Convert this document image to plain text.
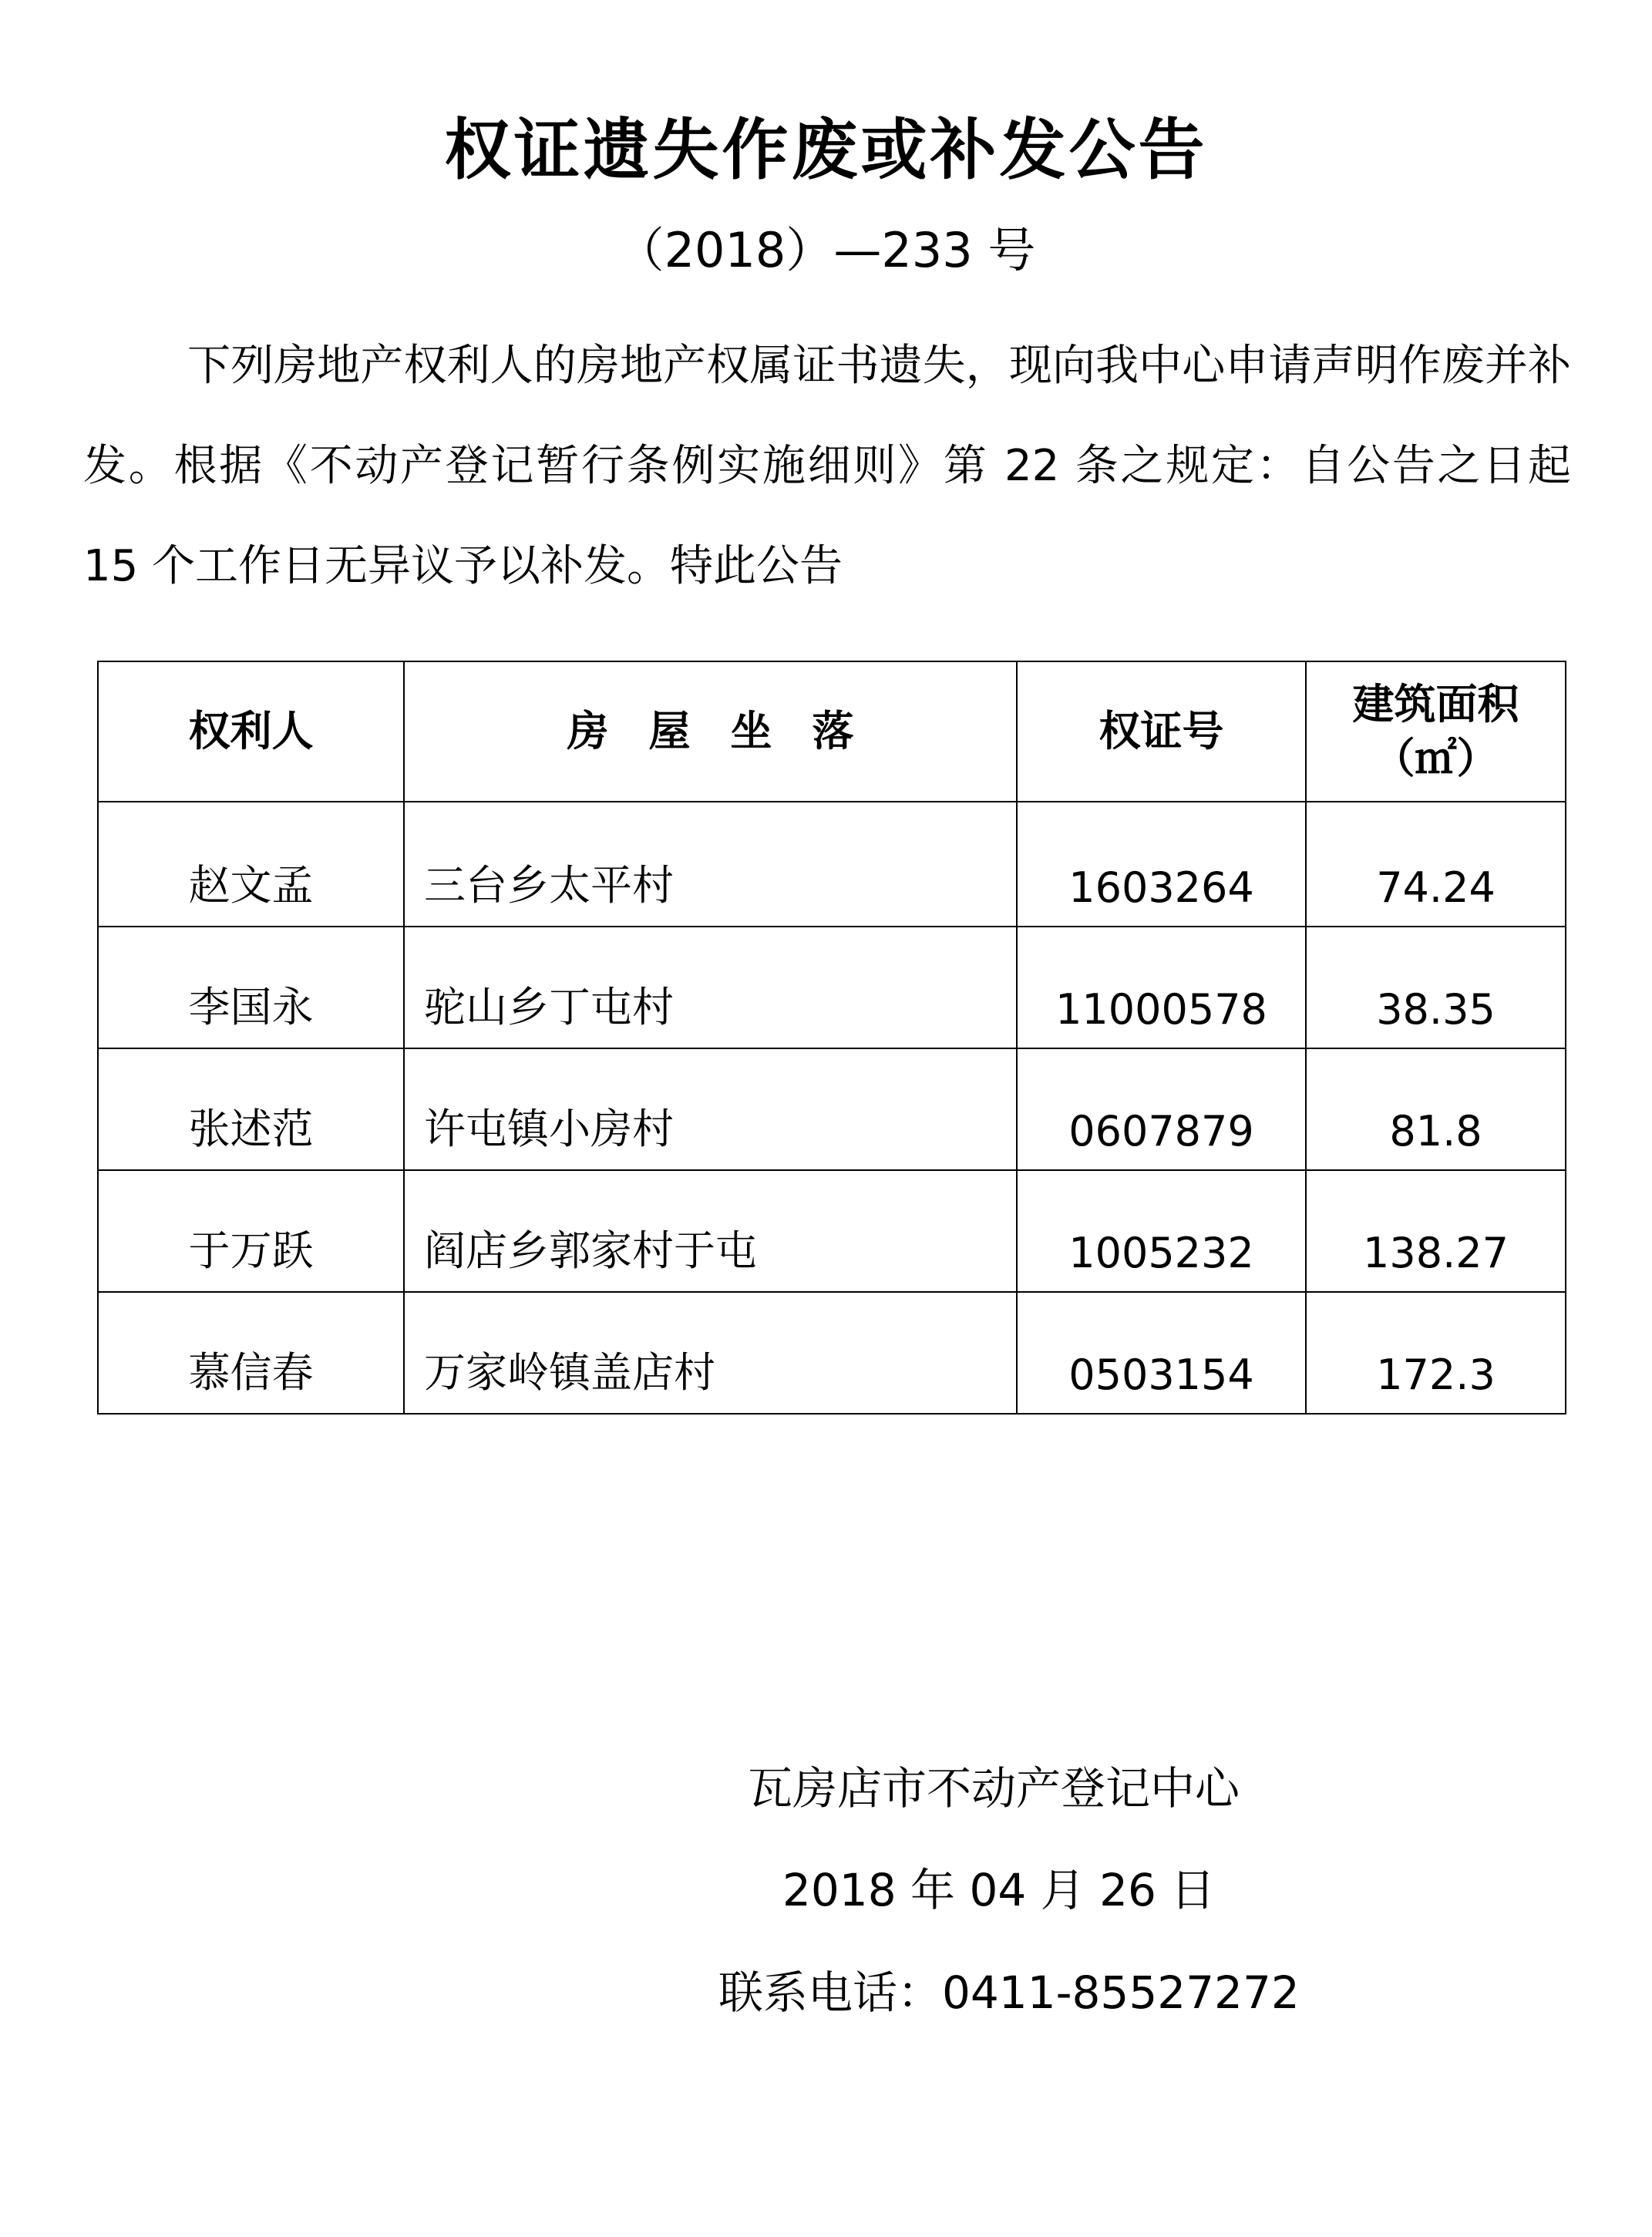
权证遗失作废或补发公告
（2018）—233 号

下列房地产权利人的房地产权属证书遗失，现向我中心申请声明作废并补发。根据《不动产登记暂行条例实施细则》第 22 条之规定：自公告之日起 15 个工作日无异议予以补发。特此公告

权利人	房屋坐落	权证号	建筑面积
（㎡）

赵文孟	三台乡太平村	1603264	74.24
李国永	驼山乡丁屯村	11000578	38.35
张述范	许屯镇小房村	0607879	81.8
于万跃	阎店乡郭家村于屯	1005232	138.27
慕信春	万家岭镇盖店村	0503154	172.3
瓦房店市不动产登记中心
2018 年 04 月 26 日
联系电话：0411-85527272
